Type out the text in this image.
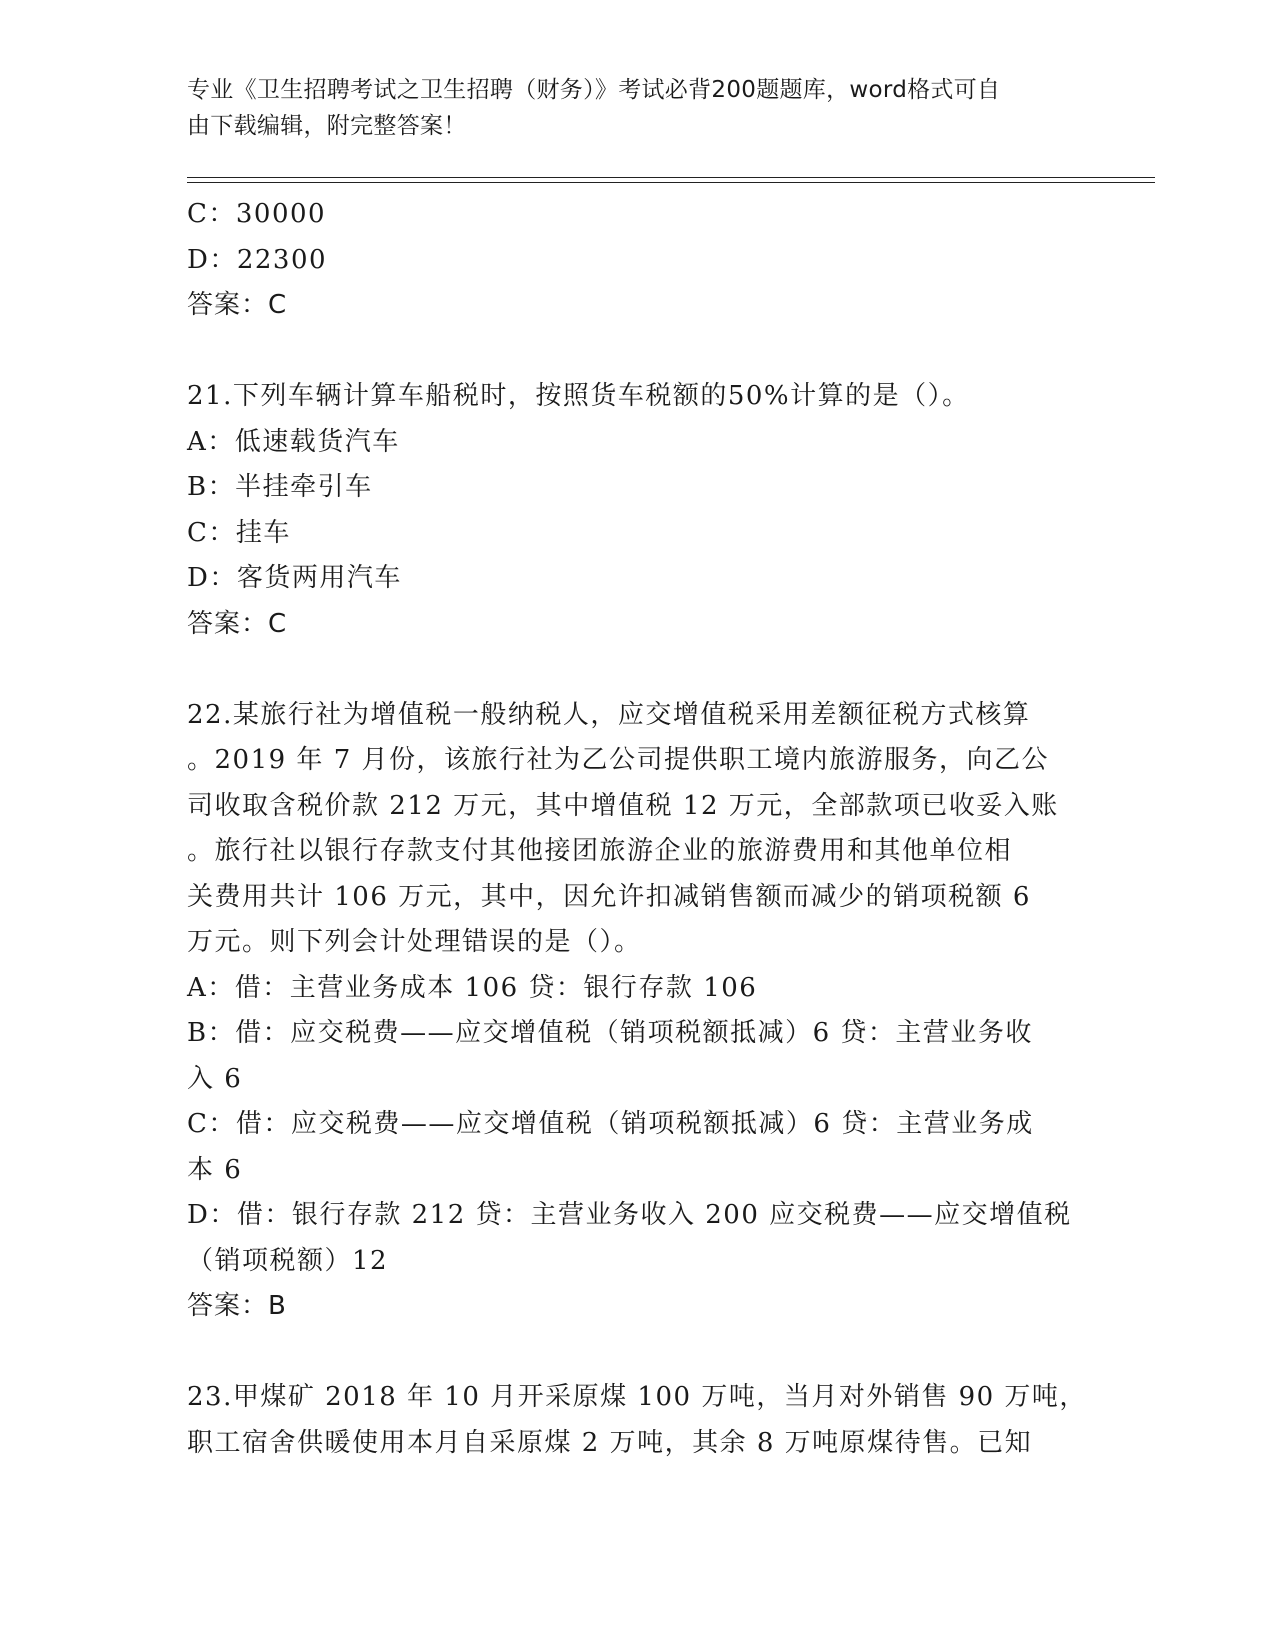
专业《卫生招聘考试之卫生招聘（财务）》考试必背200题题库，word格式可自
由下载编辑，附完整答案！
C：30000
D：22300
答案：C
21.下列车辆计算车船税时，按照货车税额的50%计算的是（）。
A：低速载货汽车
B：半挂牵引车
C：挂车
D：客货两用汽车
答案：C
22.某旅行社为增值税一般纳税人，应交增值税采用差额征税方式核算
。2019 年 7 月份，该旅行社为乙公司提供职工境内旅游服务，向乙公
司收取含税价款 212 万元，其中增值税 12 万元，全部款项已收妥入账
。旅行社以银行存款支付其他接团旅游企业的旅游费用和其他单位相
关费用共计 106 万元，其中，因允许扣减销售额而减少的销项税额 6
万元。则下列会计处理错误的是（）。
A：借：主营业务成本 106 贷：银行存款 106
B：借：应交税费——应交增值税（销项税额抵减）6 贷：主营业务收
入 6
C：借：应交税费——应交增值税（销项税额抵减）6 贷：主营业务成
本 6
D：借：银行存款 212 贷：主营业务收入 200 应交税费——应交增值税
（销项税额）12
答案：B
23.甲煤矿 2018 年 10 月开采原煤 100 万吨，当月对外销售 90 万吨，
职工宿舍供暖使用本月自采原煤 2 万吨，其余 8 万吨原煤待售。已知
